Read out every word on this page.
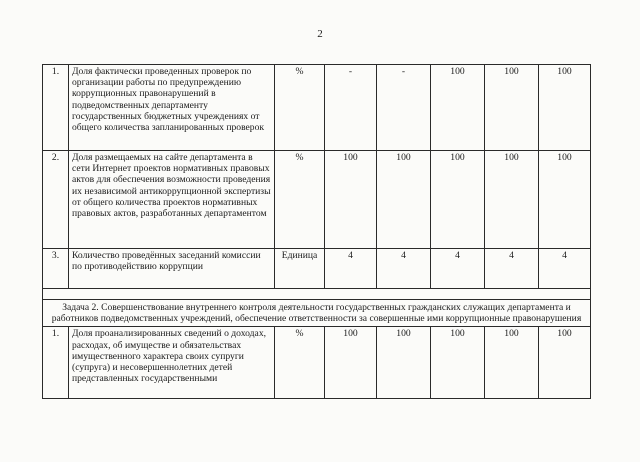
2
1.	Доля фактически проведенных проверок по организации работы по предупреждению коррупционных правонарушений в подведомственных департаменту государственных бюджетных учреждениях от общего количества запланированных проверок	%	-	-	100	100	100
2.	Доля размещаемых на сайте департамента в сети Интернет проектов нормативных правовых актов для обеспечения возможности проведения их независимой антикоррупционной экспертизы от общего количества проектов нормативных правовых актов, разработанных департаментом	%	100	100	100	100	100
3.	Количество проведённых заседаний комиссии по противодействию коррупции	Единица	4	4	4	4	4

Задача 2. Совершенствование внутреннего контроля деятельности государственных гражданских служащих департамента и работников подведомственных учреждений, обеспечение ответственности за совершенные ими коррупционные правонарушения							
1.	Доля проанализированных сведений о доходах, расходах, об имуществе и обязательствах имущественного характера своих супруги (супруга) и несовершеннолетних детей представленных государственными	%	100	100	100	100	100
